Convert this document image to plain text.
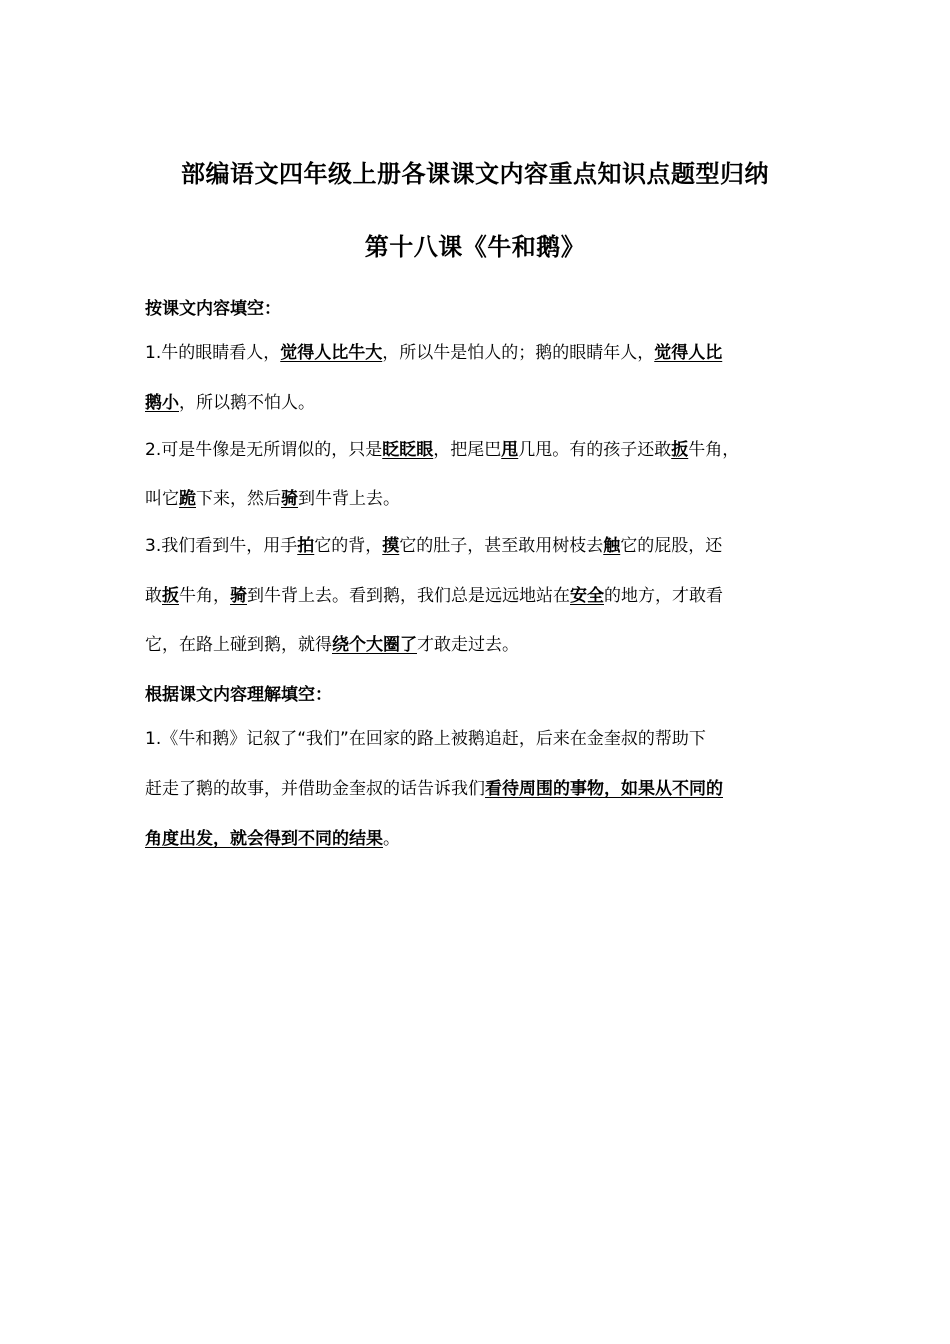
部编语文四年级上册各课课文内容重点知识点题型归纳
第十八课《牛和鹅》
按课文内容填空：
1.牛的眼睛看人，觉得人比牛大，所以牛是怕人的；鹅的眼睛年人，觉得人比
鹅小，所以鹅不怕人。
2.可是牛像是无所谓似的，只是眨眨眼，把尾巴甩几甩。有的孩子还敢扳牛角，
叫它跪下来，然后骑到牛背上去。
3.我们看到牛，用手拍它的背，摸它的肚子，甚至敢用树枝去触它的屁股，还
敢扳牛角，骑到牛背上去。看到鹅，我们总是远远地站在安全的地方，才敢看
它，在路上碰到鹅，就得绕个大圈了才敢走过去。
根据课文内容理解填空：
1.《牛和鹅》记叙了“我们”在回家的路上被鹅追赶，后来在金奎叔的帮助下
赶走了鹅的故事，并借助金奎叔的话告诉我们看待周围的事物，如果从不同的
角度出发，就会得到不同的结果。
